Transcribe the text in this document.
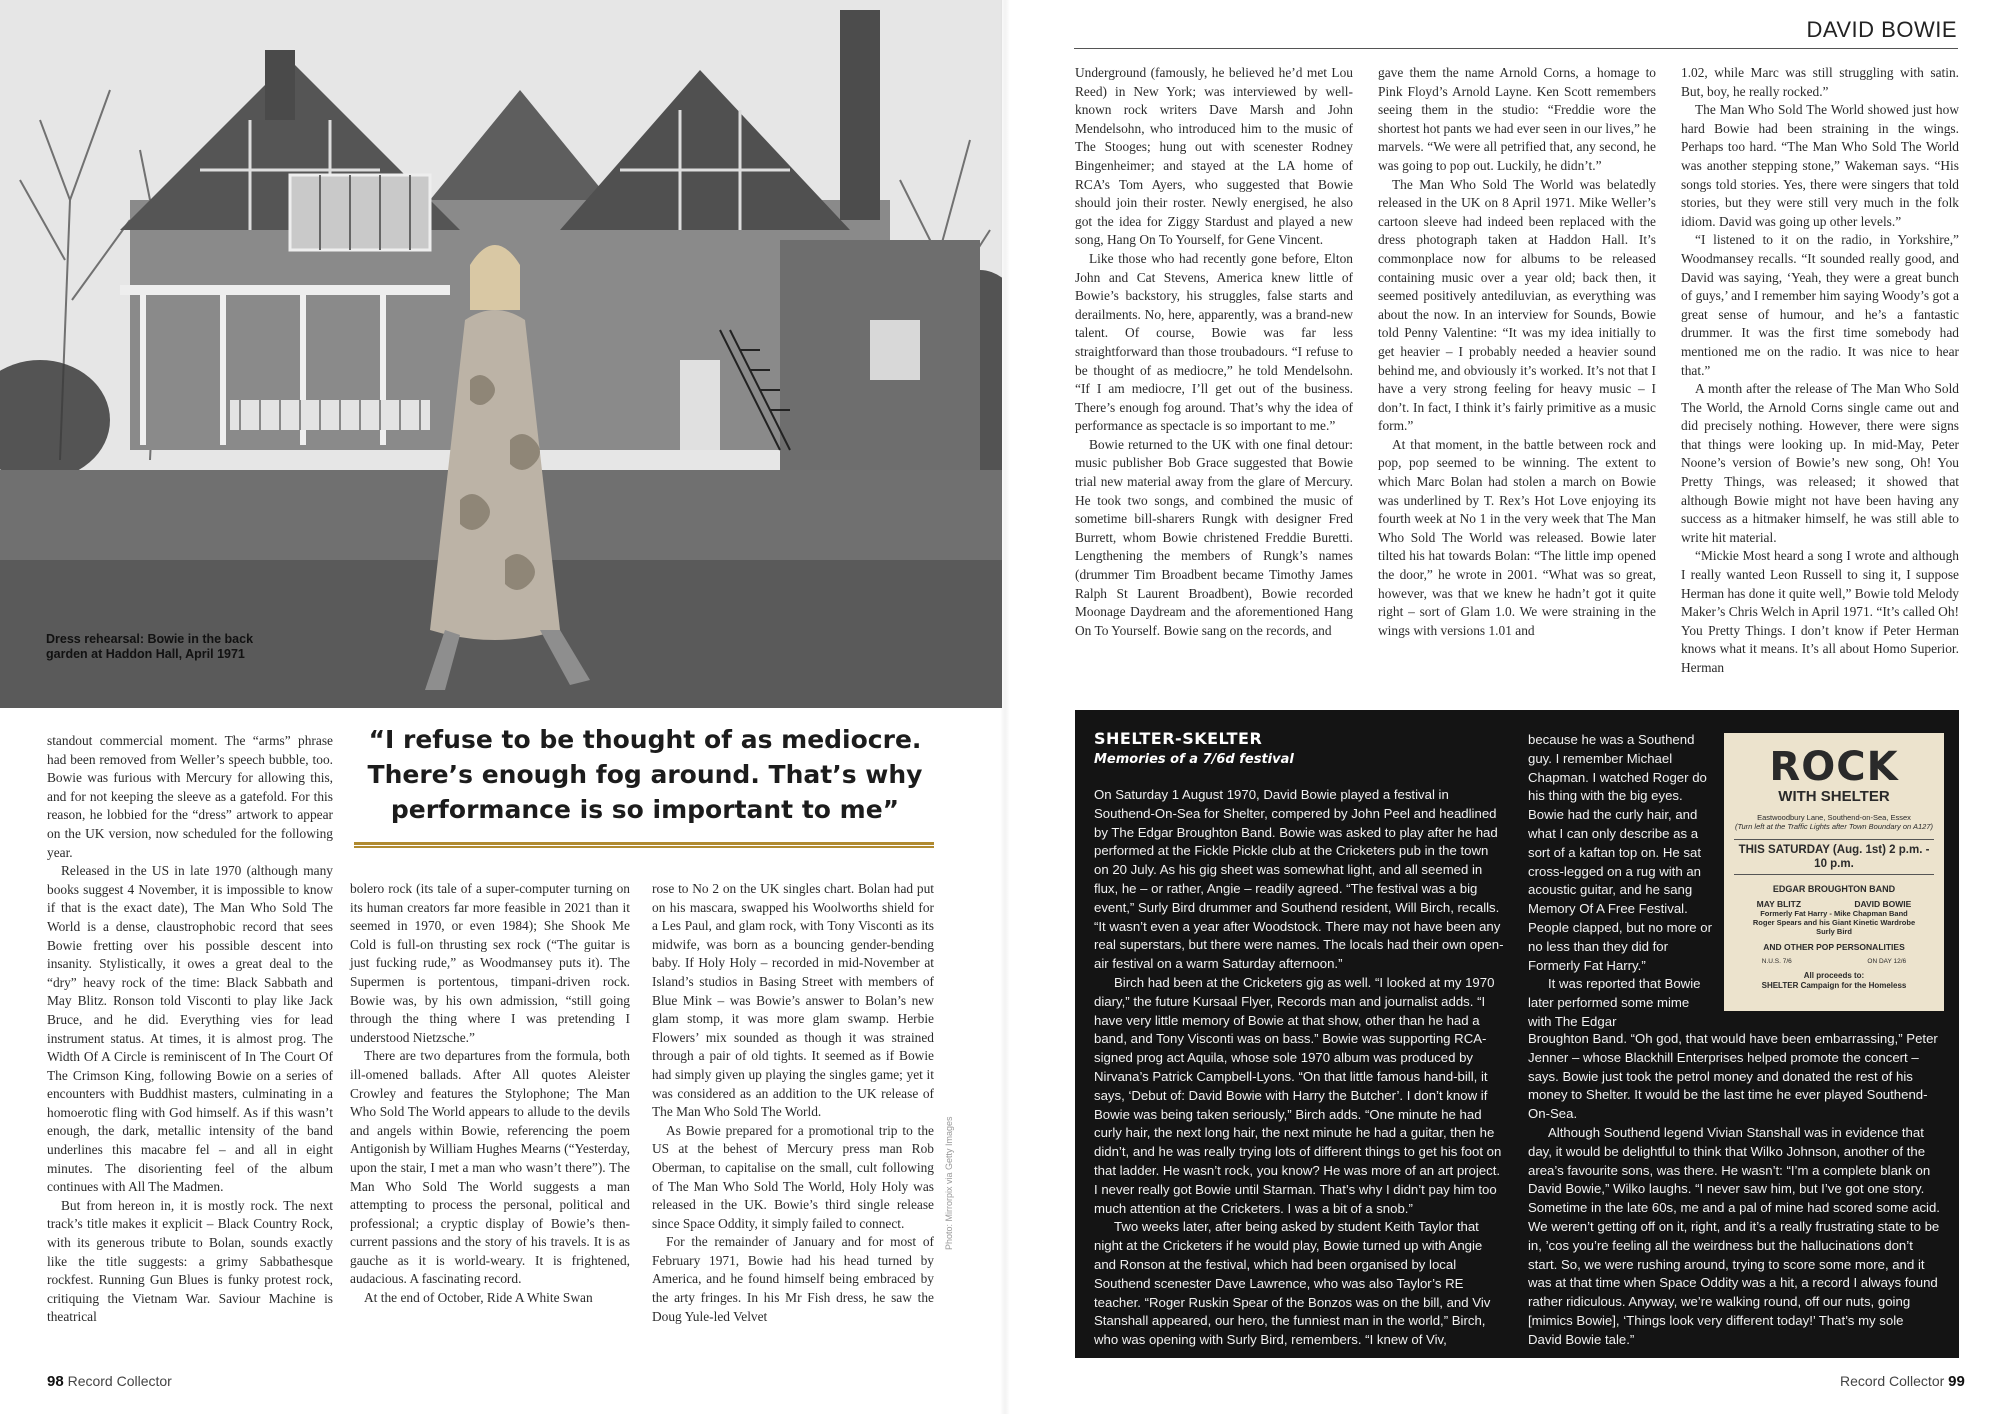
Dress rehearsal: Bowie in the back
garden at Haddon Hall, April 1971
Photo: Mirrorpix via Getty Images
“I refuse to be thought of as mediocre.
There’s enough fog around. That’s why
performance is so important to me”

standout commercial moment. The “arms” phrase had been removed from Weller’s speech bubble, too. Bowie was furious with Mercury for allowing this, and for not keeping the sleeve as a gatefold. For this reason, he lobbied for the “dress” artwork to appear on the UK version, now scheduled for the following year.

Released in the US in late 1970 (although many books suggest 4 November, it is impossible to know if that is the exact date), The Man Who Sold The World is a dense, claustrophobic record that sees Bowie fretting over his possible descent into insanity. Stylistically, it owes a great deal to the “dry” heavy rock of the time: Black Sabbath and May Blitz. Ronson told Visconti to play like Jack Bruce, and he did. Everything vies for lead instrument status. At times, it is almost prog. The Width Of A Circle is reminiscent of In The Court Of The Crimson King, following Bowie on a series of encounters with Buddhist masters, culminating in a homoerotic fling with God himself. As if this wasn’t enough, the dark, metallic intensity of the band underlines this macabre fel – and all in eight minutes. The disorienting feel of the album continues with All The Madmen.

But from hereon in, it is mostly rock. The next track’s title makes it explicit – Black Country Rock, with its generous tribute to Bolan, sounds exactly like the title suggests: a grimy Sabbathesque rockfest. Running Gun Blues is funky protest rock, critiquing the Vietnam War. Saviour Machine is theatrical

bolero rock (its tale of a super-computer turning on its human creators far more feasible in 2021 than it seemed in 1970, or even 1984); She Shook Me Cold is full-on thrusting sex rock (“The guitar is just fucking rude,” as Woodmansey puts it). The Supermen is portentous, timpani-driven rock. Bowie was, by his own admission, “still going through the thing where I was pretending I understood Nietzsche.”

There are two departures from the formula, both ill-omened ballads. After All quotes Aleister Crowley and features the Stylophone; The Man Who Sold The World appears to allude to the devils and angels within Bowie, referencing the poem Antigonish by William Hughes Mearns (“Yesterday, upon the stair, I met a man who wasn’t there”). The Man Who Sold The World suggests a man attempting to process the personal, political and professional; a cryptic display of Bowie’s then-current passions and the story of his travels. It is as gauche as it is world-weary. It is frightened, audacious. A fascinating record.

At the end of October, Ride A White Swan

rose to No 2 on the UK singles chart. Bolan had put on his mascara, swapped his Woolworths shield for a Les Paul, and glam rock, with Tony Visconti as its midwife, was born as a bouncing gender-bending baby. If Holy Holy – recorded in mid-November at Island’s studios in Basing Street with members of Blue Mink – was Bowie’s answer to Bolan’s new glam stomp, it was more glam swamp. Herbie Flowers’ mix sounded as though it was strained through a pair of old tights. It seemed as if Bowie had simply given up playing the singles game; yet it was considered as an addition to the UK release of The Man Who Sold The World.

As Bowie prepared for a promotional trip to the US at the behest of Mercury press man Rob Oberman, to capitalise on the small, cult following of The Man Who Sold The World, Holy Holy was released in the UK. Bowie’s third single release since Space Oddity, it simply failed to connect.

For the remainder of January and for most of February 1971, Bowie had his head turned by America, and he found himself being embraced by the arty fringes. In his Mr Fish dress, he saw the Doug Yule-led Velvet

DAVID BOWIE

Underground (famously, he believed he’d met Lou Reed) in New York; was interviewed by well-known rock writers Dave Marsh and John Mendelsohn, who introduced him to the music of The Stooges; hung out with scenester Rodney Bingenheimer; and stayed at the LA home of RCA’s Tom Ayers, who suggested that Bowie should join their roster. Newly energised, he also got the idea for Ziggy Stardust and played a new song, Hang On To Yourself, for Gene Vincent.

Like those who had recently gone before, Elton John and Cat Stevens, America knew little of Bowie’s backstory, his struggles, false starts and derailments. No, here, apparently, was a brand-new talent. Of course, Bowie was far less straightforward than those troubadours. “I refuse to be thought of as mediocre,” he told Mendelsohn. “If I am mediocre, I’ll get out of the business. There’s enough fog around. That’s why the idea of performance as spectacle is so important to me.”

Bowie returned to the UK with one final detour: music publisher Bob Grace suggested that Bowie trial new material away from the glare of Mercury. He took two songs, and combined the music of sometime bill-sharers Rungk with designer Fred Burrett, whom Bowie christened Freddie Buretti. Lengthening the members of Rungk’s names (drummer Tim Broadbent became Timothy James Ralph St Laurent Broadbent), Bowie recorded Moonage Daydream and the aforementioned Hang On To Yourself. Bowie sang on the records, and

gave them the name Arnold Corns, a homage to Pink Floyd’s Arnold Layne. Ken Scott remembers seeing them in the studio: “Freddie wore the shortest hot pants we had ever seen in our lives,” he marvels. “We were all petrified that, any second, he was going to pop out. Luckily, he didn’t.”

The Man Who Sold The World was belatedly released in the UK on 8 April 1971. Mike Weller’s cartoon sleeve had indeed been replaced with the dress photograph taken at Haddon Hall. It’s commonplace now for albums to be released containing music over a year old; back then, it seemed positively antediluvian, as everything was about the now. In an interview for Sounds, Bowie told Penny Valentine: “It was my idea initially to get heavier – I probably needed a heavier sound behind me, and obviously it’s worked. It’s not that I have a very strong feeling for heavy music – I don’t. In fact, I think it’s fairly primitive as a music form.”

At that moment, in the battle between rock and pop, pop seemed to be winning. The extent to which Marc Bolan had stolen a march on Bowie was underlined by T. Rex’s Hot Love enjoying its fourth week at No 1 in the very week that The Man Who Sold The World was released. Bowie later tilted his hat towards Bolan: “The little imp opened the door,” he wrote in 2001. “What was so great, however, was that we knew he hadn’t got it quite right – sort of Glam 1.0. We were straining in the wings with versions 1.01 and

1.02, while Marc was still struggling with satin. But, boy, he really rocked.”

The Man Who Sold The World showed just how hard Bowie had been straining in the wings. Perhaps too hard. “The Man Who Sold The World was another stepping stone,” Wakeman says. “His songs told stories. Yes, there were singers that told stories, but they were still very much in the folk idiom. David was going up other levels.”

“I listened to it on the radio, in Yorkshire,” Woodmansey recalls. “It sounded really good, and David was saying, ‘Yeah, they were a great bunch of guys,’ and I remember him saying Woody’s got a great sense of humour, and he’s a fantastic drummer. It was the first time somebody had mentioned me on the radio. It was nice to hear that.”

A month after the release of The Man Who Sold The World, the Arnold Corns single came out and did precisely nothing. However, there were signs that things were looking up. In mid-May, Peter Noone’s version of Bowie’s new song, Oh! You Pretty Things, was released; it showed that although Bowie might not have been having any success as a hitmaker himself, he was still able to write hit material.

“Mickie Most heard a song I wrote and although I really wanted Leon Russell to sing it, I suppose Herman has done it quite well,” Bowie told Melody Maker’s Chris Welch in April 1971. “It’s called Oh! You Pretty Things. I don’t know if Peter Herman knows what it means. It’s all about Homo Superior. Herman

SHELTER-SKELTER
Memories of a 7/6d festival

On Saturday 1 August 1970, David Bowie played a festival in Southend-On-Sea for Shelter, compered by John Peel and headlined by The Edgar Broughton Band. Bowie was asked to play after he had performed at the Fickle Pickle club at the Cricketers pub in the town on 20 July. As his gig sheet was somewhat light, and all seemed in flux, he – or rather, Angie – readily agreed. “The festival was a big event,” Surly Bird drummer and Southend resident, Will Birch, recalls. “It wasn’t even a year after Woodstock. There may not have been any real superstars, but there were names. The locals had their own open-air festival on a warm Saturday afternoon.”

Birch had been at the Cricketers gig as well. “I looked at my 1970 diary,” the future Kursaal Flyer, Records man and journalist adds. “I have very little memory of Bowie at that show, other than he had a band, and Tony Visconti was on bass.” Bowie was supporting RCA-signed prog act Aquila, whose sole 1970 album was produced by Nirvana’s Patrick Campbell-Lyons. “On that little famous hand-bill, it says, ‘Debut of: David Bowie with Harry the Butcher’. I don’t know if Bowie was being taken seriously,” Birch adds. “One minute he had curly hair, the next long hair, the next minute he had a guitar, then he didn’t, and he was really trying lots of different things to get his foot on that ladder. He wasn’t rock, you know? He was more of an art project. I never really got Bowie until Starman. That’s why I didn’t pay him too much attention at the Cricketers. I was a bit of a snob.”

Two weeks later, after being asked by student Keith Taylor that night at the Cricketers if he would play, Bowie turned up with Angie and Ronson at the festival, which had been organised by local Southend scenester Dave Lawrence, who was also Taylor’s RE teacher. “Roger Ruskin Spear of the Bonzos was on the bill, and Viv Stanshall appeared, our hero, the funniest man in the world,” Birch, who was opening with Surly Bird, remembers. “I knew of Viv,

because he was a Southend guy. I remember Michael Chapman. I watched Roger do his thing with the big eyes. Bowie had the curly hair, and what I can only describe as a sort of a kaftan top on. He sat cross-legged on a rug with an acoustic guitar, and he sang Memory Of A Free Festival. People clapped, but no more or no less than they did for Formerly Fat Harry.”

It was reported that Bowie later performed some mime with The Edgar

Broughton Band. “Oh god, that would have been embarrassing,” Peter Jenner – whose Blackhill Enterprises helped promote the concert – says. Bowie just took the petrol money and donated the rest of his money to Shelter. It would be the last time he ever played Southend-On-Sea.

Although Southend legend Vivian Stanshall was in evidence that day, it would be delightful to think that Wilko Johnson, another of the area’s favourite sons, was there. He wasn’t: “I’m a complete blank on David Bowie,” Wilko laughs. “I never saw him, but I’ve got one story. Sometime in the late 60s, me and a pal of mine had scored some acid. We weren’t getting off on it, right, and it’s a really frustrating state to be in, ’cos you’re feeling all the weirdness but the hallucinations don’t start. So, we were rushing around, trying to score some more, and it was at that time when Space Oddity was a hit, a record I always found rather ridiculous. Anyway, we’re walking round, off our nuts, going [mimics Bowie], ‘Things look very different today!’ That’s my sole David Bowie tale.”

ROCK
WITH SHELTER
Eastwoodbury Lane, Southend-on-Sea, Essex
(Turn left at the Traffic Lights after Town Boundary on A127)
THIS SATURDAY (Aug. 1st) 2 p.m. - 10 p.m.
EDGAR BROUGHTON BAND
MAY BLITZ	DAVID BOWIE
Formerly Fat Harry - Mike Chapman Band
Roger Spears and his Giant Kinetic Wardrobe
Surly Bird
AND OTHER POP PERSONALITIES
N.U.S. 7/6	ON DAY 12/6
All proceeds to:
SHELTER Campaign for the Homeless
98 Record Collector	Record Collector 99
